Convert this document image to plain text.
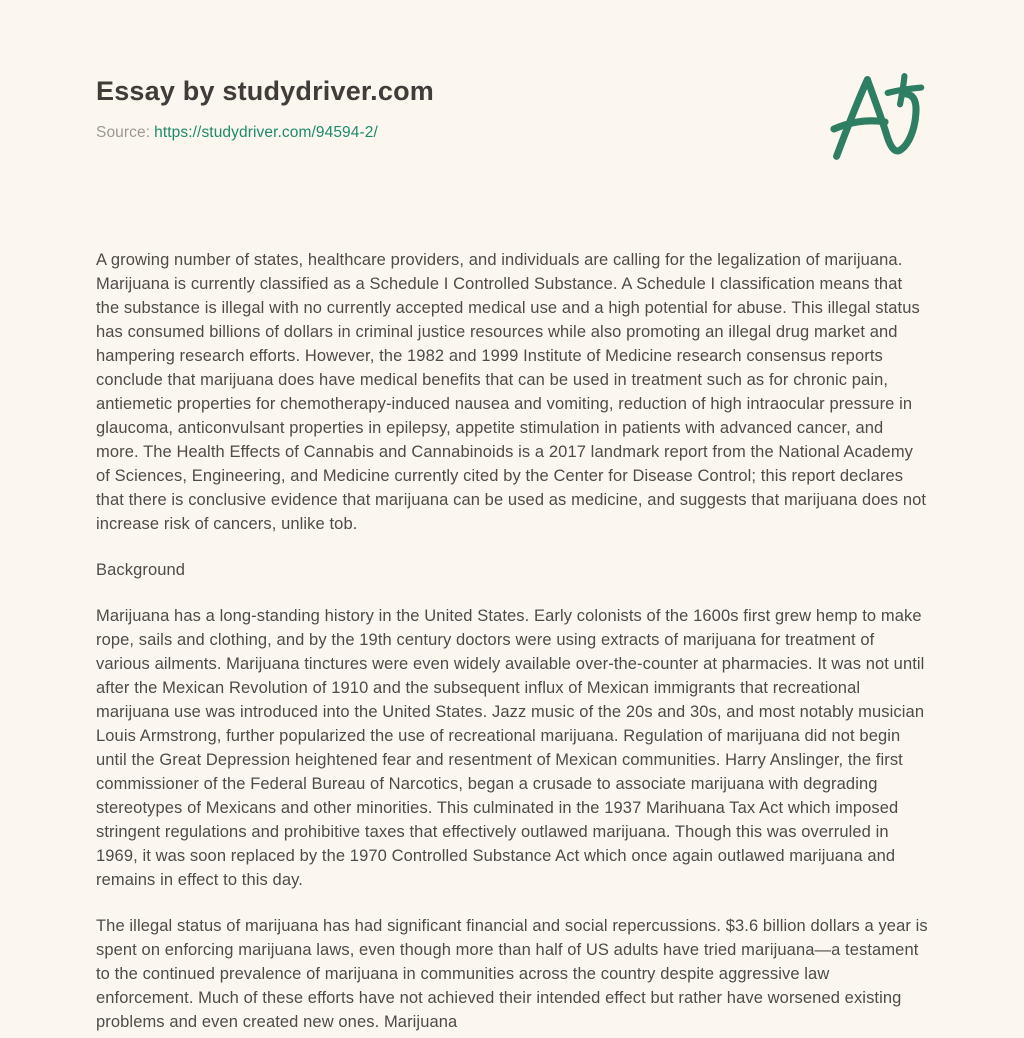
Essay by studydriver.com
Source: https://studydriver.com/94594-2/

A growing number of states, healthcare providers, and individuals are calling for the legalization of marijuana. Marijuana is currently classified as a Schedule I Controlled Substance. A Schedule I classification means that the substance is illegal with no currently accepted medical use and a high potential for abuse. This illegal status has consumed billions of dollars in criminal justice resources while also promoting an illegal drug market and hampering research efforts. However, the 1982 and 1999 Institute of Medicine research consensus reports conclude that marijuana does have medical benefits that can be used in treatment such as for chronic pain, antiemetic properties for chemotherapy-induced nausea and vomiting, reduction of high intraocular pressure in glaucoma, anticonvulsant properties in epilepsy, appetite stimulation in patients with advanced cancer, and more. The Health Effects of Cannabis and Cannabinoids is a 2017 landmark report from the National Academy of Sciences, Engineering, and Medicine currently cited by the Center for Disease Control; this report declares that there is conclusive evidence that marijuana can be used as medicine, and suggests that marijuana does not increase risk of cancers, unlike tob.

Background

Marijuana has a long-standing history in the United States. Early colonists of the 1600s first grew hemp to make rope, sails and clothing, and by the 19th century doctors were using extracts of marijuana for treatment of various ailments. Marijuana tinctures were even widely available over-the-counter at pharmacies. It was not until after the Mexican Revolution of 1910 and the subsequent influx of Mexican immigrants that recreational marijuana use was introduced into the United States. Jazz music of the 20s and 30s, and most notably musician Louis Armstrong, further popularized the use of recreational marijuana. Regulation of marijuana did not begin until the Great Depression heightened fear and resentment of Mexican communities. Harry Anslinger, the first commissioner of the Federal Bureau of Narcotics, began a crusade to associate marijuana with degrading stereotypes of Mexicans and other minorities. This culminated in the 1937 Marihuana Tax Act which imposed stringent regulations and prohibitive taxes that effectively outlawed marijuana. Though this was overruled in 1969, it was soon replaced by the 1970 Controlled Substance Act which once again outlawed marijuana and remains in effect to this day.

The illegal status of marijuana has had significant financial and social repercussions. $3.6 billion dollars a year is spent on enforcing marijuana laws, even though more than half of US adults have tried marijuana—a testament to the continued prevalence of marijuana in communities across the country despite aggressive law enforcement. Much of these efforts have not achieved their intended effect but rather have worsened existing problems and even created new ones. Marijuana
